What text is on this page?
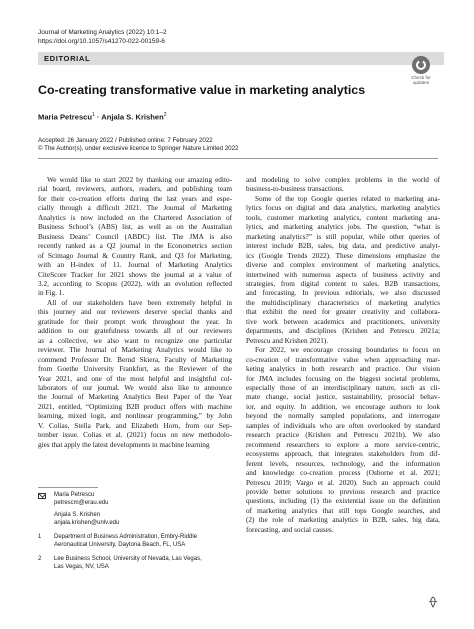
Journal of Marketing Analytics (2022) 10:1–2
https://doi.org/10.1057/s41270-022-00159-6
EDITORIAL
Check for updates
Co-creating transformative value in marketing analytics
Maria Petrescu$^1$ · Anjala S. Krishen$^2$
Accepted: 26 January 2022 / Published online: 7 February 2022
© The Author(s), under exclusive licence to Springer Nature Limited 2022

We would like to start 2022 by thanking our amazing edito-
rial board, reviewers, authors, readers, and publishing team
for their co-creation efforts during the last years and espe-
cially through a difficult 2021. The Journal of Marketing
Analytics is now included on the Chartered Association of
Business School’s (ABS) list, as well as on the Australian
Business Deans’ Council (ABDC) list. The JMA is also
recently ranked as a Q2 journal in the Econometrics section
of Scimago Journal & Country Rank, and Q3 for Marketing,
with an H-index of 11. Journal of Marketing Analytics
CiteScore Tracker for 2021 shows the journal at a value of
3.2, according to Scopus (2022), with an evolution reflected
in Fig. 1.

All of our stakeholders have been extremely helpful in
this journey and our reviewers deserve special thanks and
gratitude for their prompt work throughout the year. In
addition to our gratefulness towards all of our reviewers
as a collective, we also want to recognize one particular
reviewer. The Journal of Marketing Analytics would like to
commend Professor Dr. Bernd Skiera, Faculty of Marketing
from Goethe University Frankfurt, as the Reviewer of the
Year 2021, and one of the most helpful and insightful col-
laborators of our journal. We would also like to announce
the Journal of Marketing Analytics Best Paper of the Year
2021, entitled, “Optimizing B2B product offers with machine
learning, mixed logit, and nonlinear programming,” by John
V. Colias, Stella Park, and Elizabeth Horn, from our Sep-
tember issue. Colias et al. (2021) focus on new methodolo-
gies that apply the latest developments in machine learning

and modeling to solve complex problems in the world of
business-to-business transactions.

Some of the top Google queries related to marketing ana-
lytics focus on digital and data analytics, marketing analytics
tools, customer marketing analytics, content marketing ana-
lytics, and marketing analytics jobs. The question, “what is
marketing analytics?” is still popular, while other queries of
interest include B2B, sales, big data, and predictive analyt-
ics (Google Trends 2022). These dimensions emphasize the
diverse and complex environment of marketing analytics,
intertwined with numerous aspects of business activity and
strategies, from digital content to sales, B2B transactions,
and forecasting. In previous editorials, we also discussed
the multidisciplinary characteristics of marketing analytics
that exhibit the need for greater creativity and collabora-
tive work between academics and practitioners, university
departments, and disciplines (Krishen and Petrescu 2021a;
Petrescu and Krishen 2021).

For 2022, we encourage crossing boundaries to focus on
co-creation of transformative value when approaching mar-
keting analytics in both research and practice. Our vision
for JMA includes focusing on the biggest societal problems,
especially those of an interdisciplinary nature, such as cli-
mate change, social justice, sustainability, prosocial behav-
ior, and equity. In addition, we encourage authors to look
beyond the normally sampled populations, and interrogate
samples of individuals who are often overlooked by standard
research practice (Krishen and Petrescu 2021b). We also
recommend researchers to explore a more service-centric,
ecosystems approach, that integrates stakeholders from dif-
ferent levels, resources, technology, and the information
and knowledge co-creation process (Osborne et al. 2021;
Petrescu 2019; Vargo et al. 2020). Such an approach could
provide better solutions to previous research and practice
questions, including (1) the existential issue on the definition
of marketing analytics that still tops Google searches, and
(2) the role of marketing analytics in B2B, sales, big data,
forecasting, and social causes.

Maria Petrescu
petrescm@erau.edu
Anjala S. Krishen
anjala.krishen@unlv.edu
1	Department of Business Administration, Embry-Riddle
Aeronautical University, Daytona Beach, FL, USA
2	Lee Business School, University of Nevada, Las Vegas,
Las Vegas, NV, USA
